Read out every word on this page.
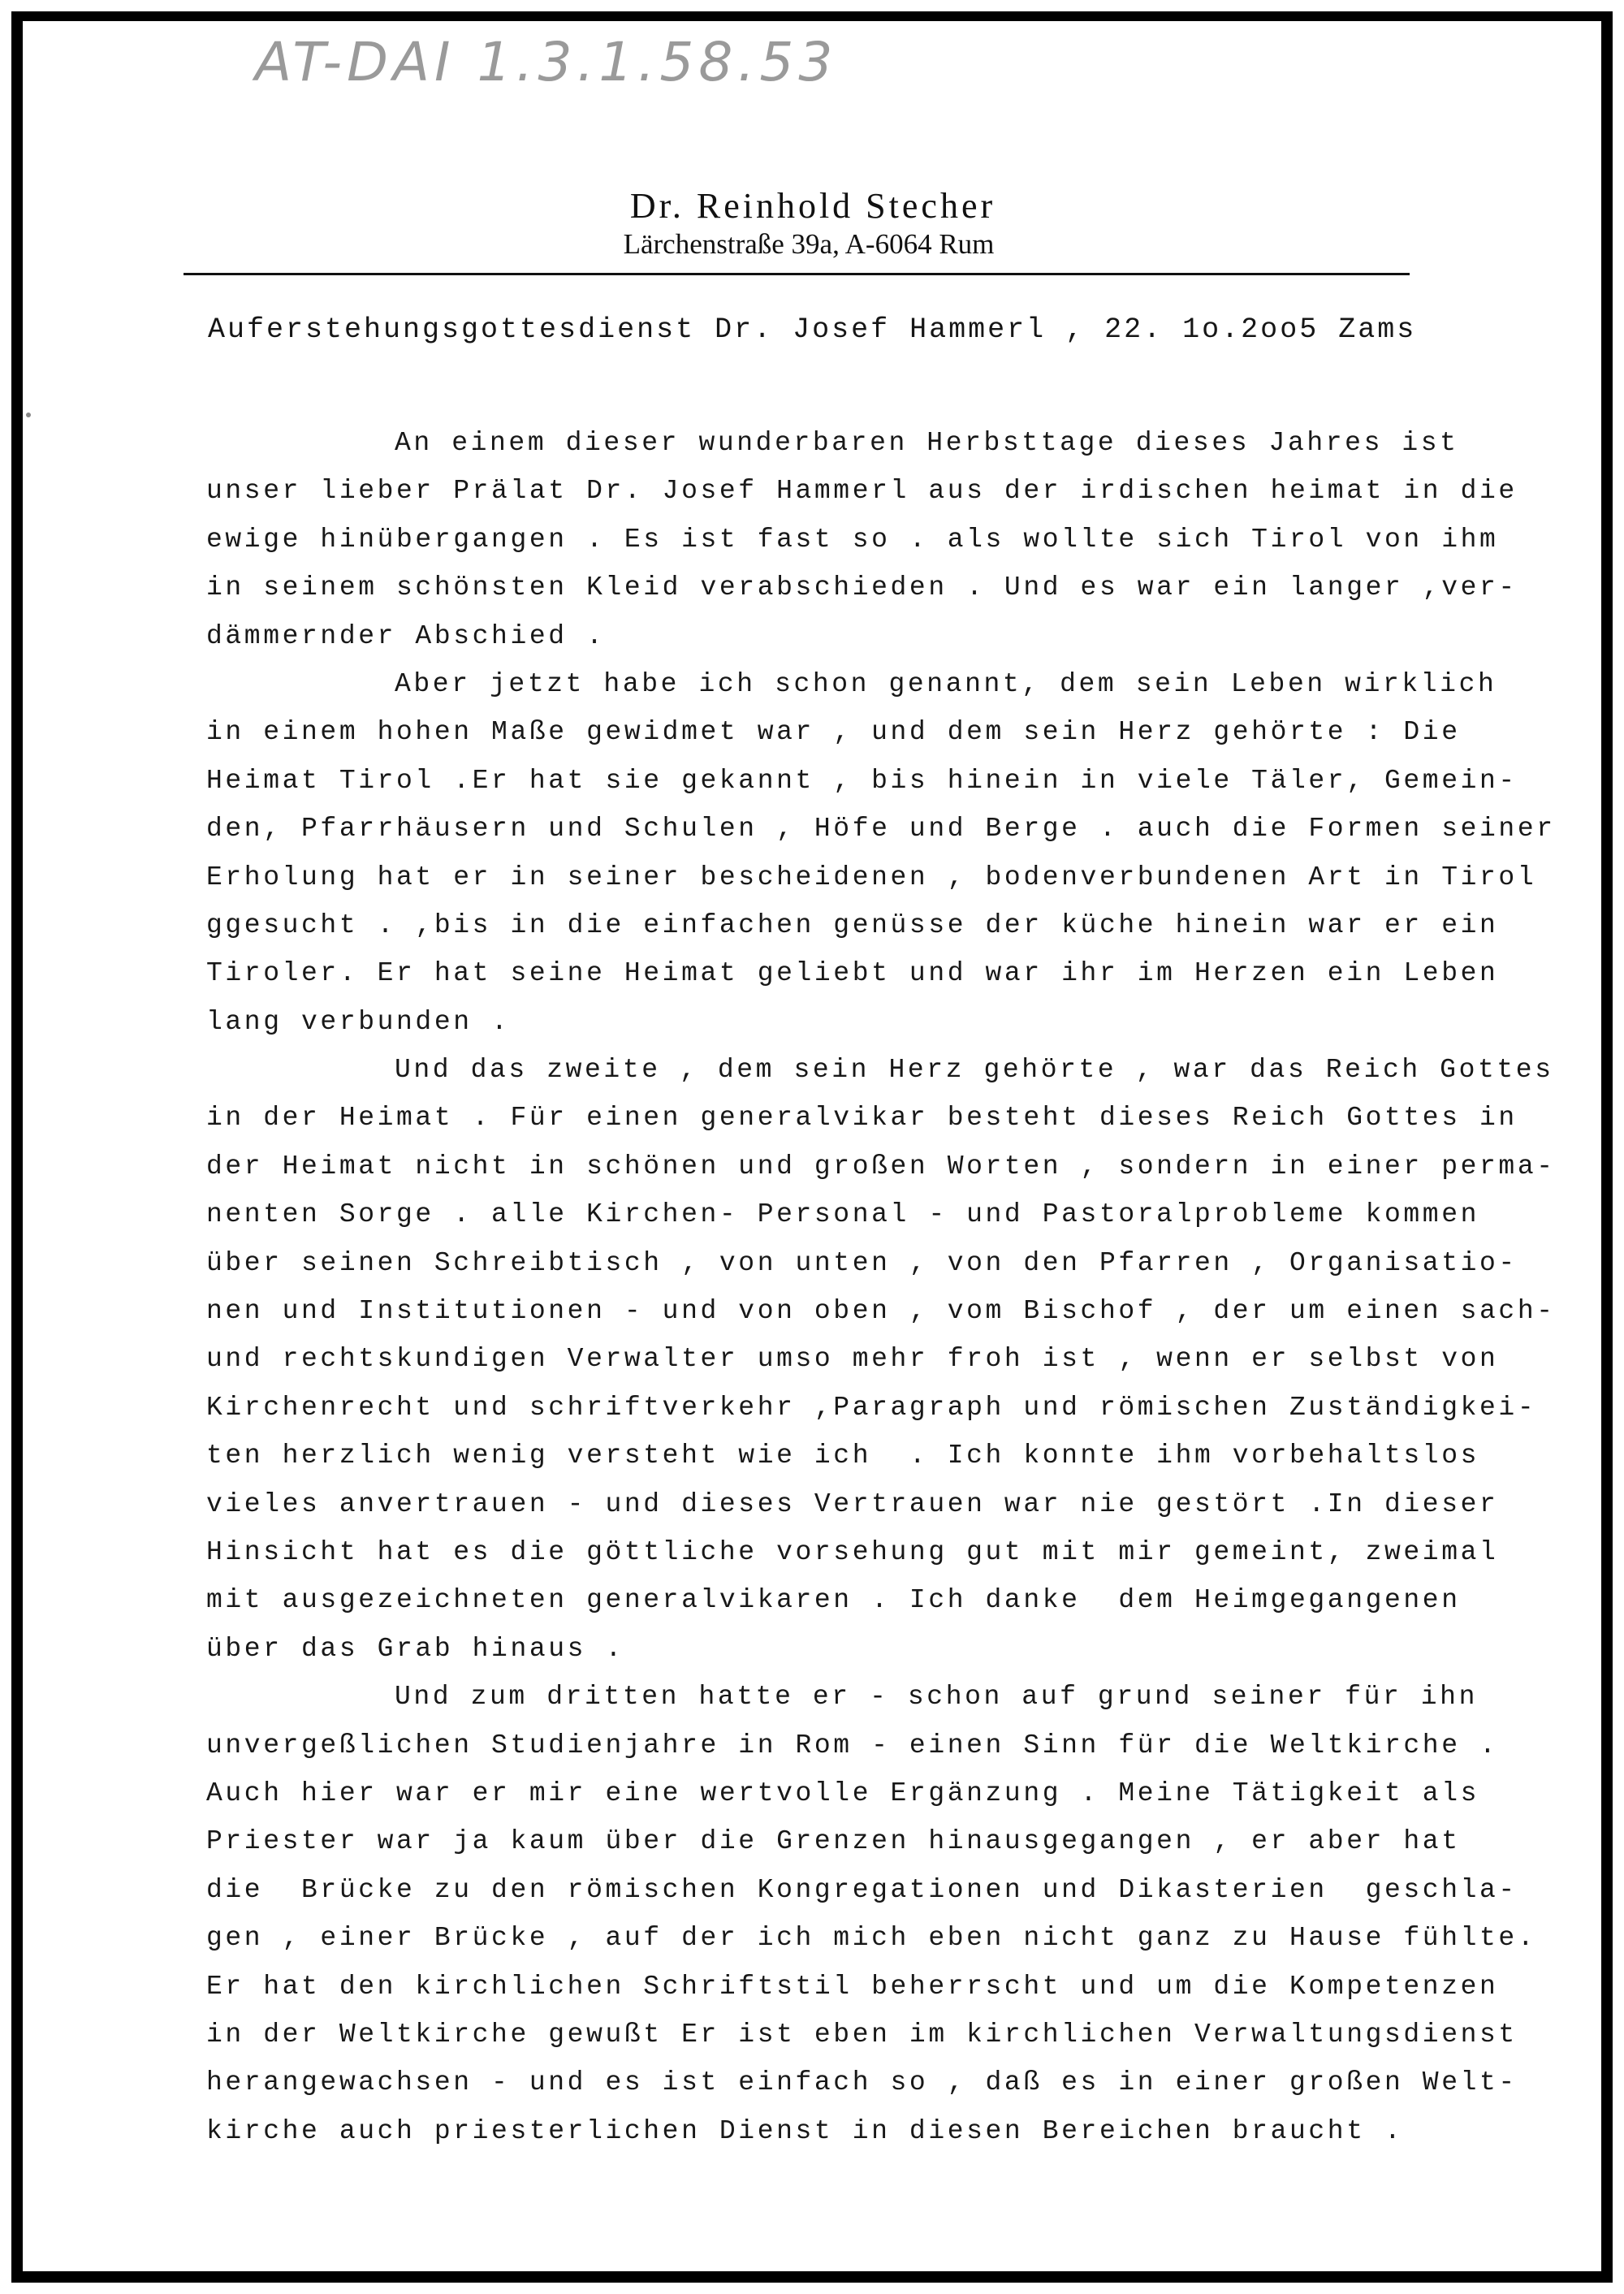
AT-DAI 1.3.1.58.53
Dr. Reinhold Stecher
Lärchenstraße 39a, A-6064 Rum
Auferstehungsgottesdienst Dr. Josef Hammerl , 22. 1o.2oo5 Zams
An einem dieser wunderbaren Herbsttage dieses Jahres ist
unser lieber Prälat Dr. Josef Hammerl aus der irdischen heimat in die
ewige hinübergangen . Es ist fast so . als wollte sich Tirol von ihm
in seinem schönsten Kleid verabschieden . Und es war ein langer ,ver-
dämmernder Abschied .
Aber jetzt habe ich schon genannt, dem sein Leben wirklich
in einem hohen Maße gewidmet war , und dem sein Herz gehörte : Die
Heimat Tirol .Er hat sie gekannt , bis hinein in viele Täler, Gemein-
den, Pfarrhäusern und Schulen , Höfe und Berge . auch die Formen seiner
Erholung hat er in seiner bescheidenen , bodenverbundenen Art in Tirol
ggesucht . ,bis in die einfachen genüsse der küche hinein war er ein
Tiroler. Er hat seine Heimat geliebt und war ihr im Herzen ein Leben
lang verbunden .
Und das zweite , dem sein Herz gehörte , war das Reich Gottes
in der Heimat . Für einen generalvikar besteht dieses Reich Gottes in
der Heimat nicht in schönen und großen Worten , sondern in einer perma-
nenten Sorge . alle Kirchen- Personal - und Pastoralprobleme kommen
über seinen Schreibtisch , von unten , von den Pfarren , Organisatio-
nen und Institutionen - und von oben , vom Bischof , der um einen sach-
und rechtskundigen Verwalter umso mehr froh ist , wenn er selbst von
Kirchenrecht und schriftverkehr ,Paragraph und römischen Zuständigkei-
ten herzlich wenig versteht wie ich  . Ich konnte ihm vorbehaltslos
vieles anvertrauen - und dieses Vertrauen war nie gestört .In dieser
Hinsicht hat es die göttliche vorsehung gut mit mir gemeint, zweimal
mit ausgezeichneten generalvikaren . Ich danke  dem Heimgegangenen
über das Grab hinaus .
Und zum dritten hatte er - schon auf grund seiner für ihn
unvergeßlichen Studienjahre in Rom - einen Sinn für die Weltkirche .
Auch hier war er mir eine wertvolle Ergänzung . Meine Tätigkeit als
Priester war ja kaum über die Grenzen hinausgegangen , er aber hat
die  Brücke zu den römischen Kongregationen und Dikasterien  geschla-
gen , einer Brücke , auf der ich mich eben nicht ganz zu Hause fühlte.
Er hat den kirchlichen Schriftstil beherrscht und um die Kompetenzen
in der Weltkirche gewußt Er ist eben im kirchlichen Verwaltungsdienst
herangewachsen - und es ist einfach so , daß es in einer großen Welt-
kirche auch priesterlichen Dienst in diesen Bereichen braucht .
